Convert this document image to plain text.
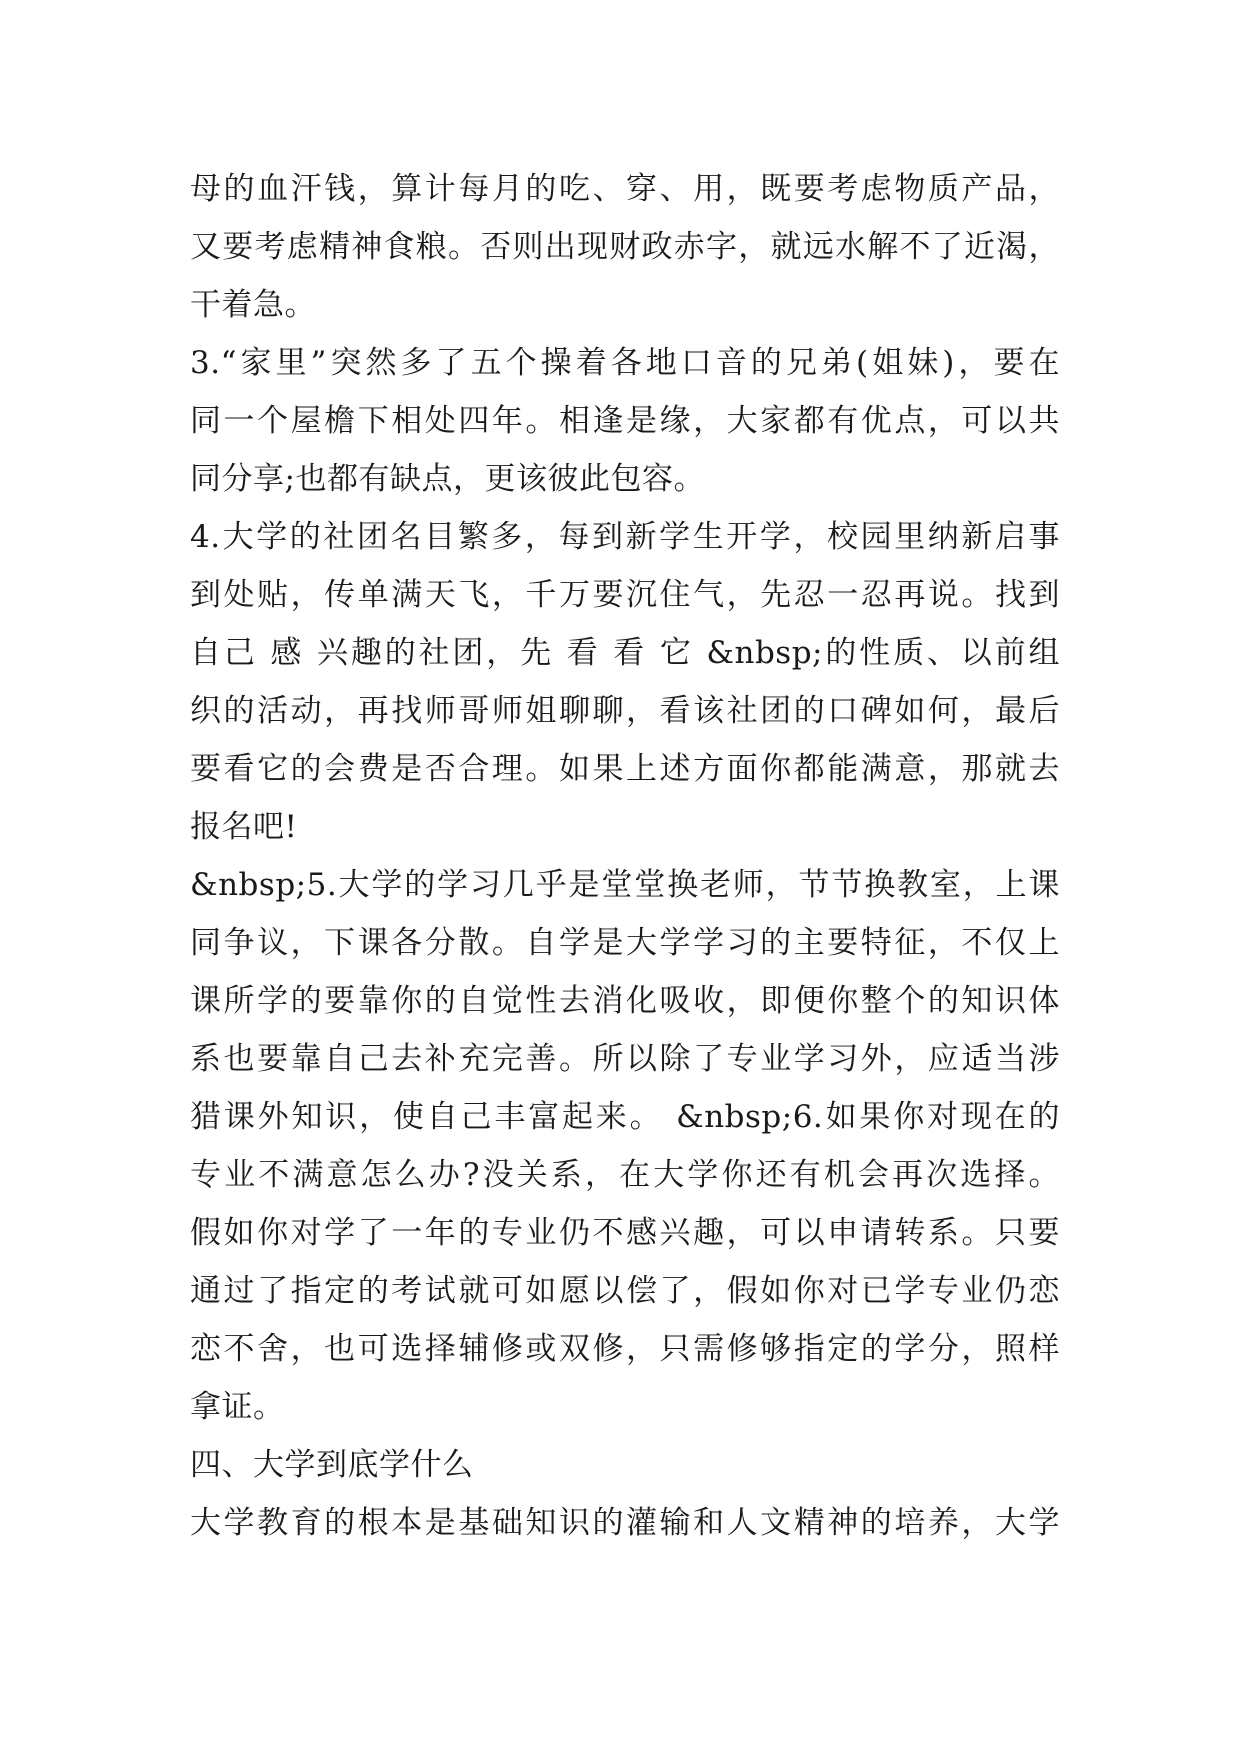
母的血汗钱，算计每月的吃、穿、用，既要考虑物质产品，
又要考虑精神食粮。否则出现财政赤字，就远水解不了近渴，
干着急。
3.“家里”突然多了五个操着各地口音的兄弟(姐妹)，要在
同一个屋檐下相处四年。相逢是缘，大家都有优点，可以共
同分享;也都有缺点，更该彼此包容。
4.大学的社团名目繁多，每到新学生开学，校园里纳新启事
到处贴，传单满天飞，千万要沉住气，先忍一忍再说。找到
自己 感 兴趣的社团，先 看 看 它 &nbsp;的性质、以前组
织的活动，再找师哥师姐聊聊，看该社团的口碑如何，最后
要看它的会费是否合理。如果上述方面你都能满意，那就去
报名吧!
&nbsp;5.大学的学习几乎是堂堂换老师，节节换教室，上课
同争议，下课各分散。自学是大学学习的主要特征，不仅上
课所学的要靠你的自觉性去消化吸收，即便你整个的知识体
系也要靠自己去补充完善。所以除了专业学习外，应适当涉
猎课外知识，使自己丰富起来。 &nbsp;6.如果你对现在的
专业不满意怎么办?没关系，在大学你还有机会再次选择。
假如你对学了一年的专业仍不感兴趣，可以申请转系。只要
通过了指定的考试就可如愿以偿了，假如你对已学专业仍恋
恋不舍，也可选择辅修或双修，只需修够指定的学分，照样
拿证。
四、大学到底学什么
大学教育的根本是基础知识的灌输和人文精神的培养，大学
